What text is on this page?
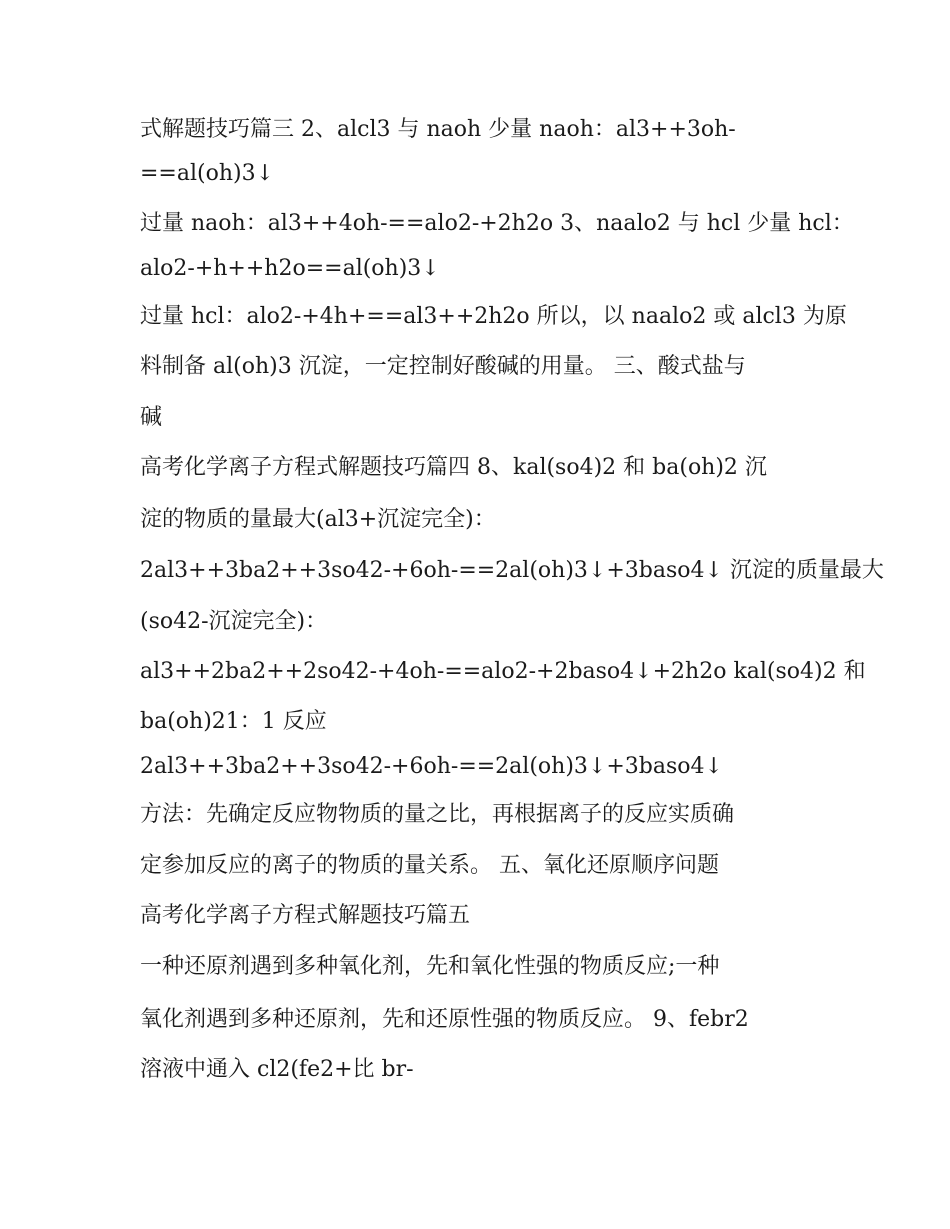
式解题技巧篇三 2、alcl3 与 naoh 少量 naoh：al3++3oh-
==al(oh)3↓
过量 naoh：al3++4oh-==alo2-+2h2o 3、naalo2 与 hcl 少量 hcl：
alo2-+h++h2o==al(oh)3↓
过量 hcl：alo2-+4h+==al3++2h2o 所以，以 naalo2 或 alcl3 为原
料制备 al(oh)3 沉淀，一定控制好酸碱的用量。 三、酸式盐与
碱
高考化学离子方程式解题技巧篇四 8、kal(so4)2 和 ba(oh)2 沉
淀的物质的量最大(al3+沉淀完全)：
2al3++3ba2++3so42-+6oh-==2al(oh)3↓+3baso4↓ 沉淀的质量最大
(so42-沉淀完全)：
al3++2ba2++2so42-+4oh-==alo2-+2baso4↓+2h2o kal(so4)2 和
ba(oh)21：1 反应
2al3++3ba2++3so42-+6oh-==2al(oh)3↓+3baso4↓
方法：先确定反应物物质的量之比，再根据离子的反应实质确
定参加反应的离子的物质的量关系。 五、氧化还原顺序问题
高考化学离子方程式解题技巧篇五
一种还原剂遇到多种氧化剂，先和氧化性强的物质反应;一种
氧化剂遇到多种还原剂，先和还原性强的物质反应。 9、febr2
溶液中通入 cl2(fe2+比 br-
